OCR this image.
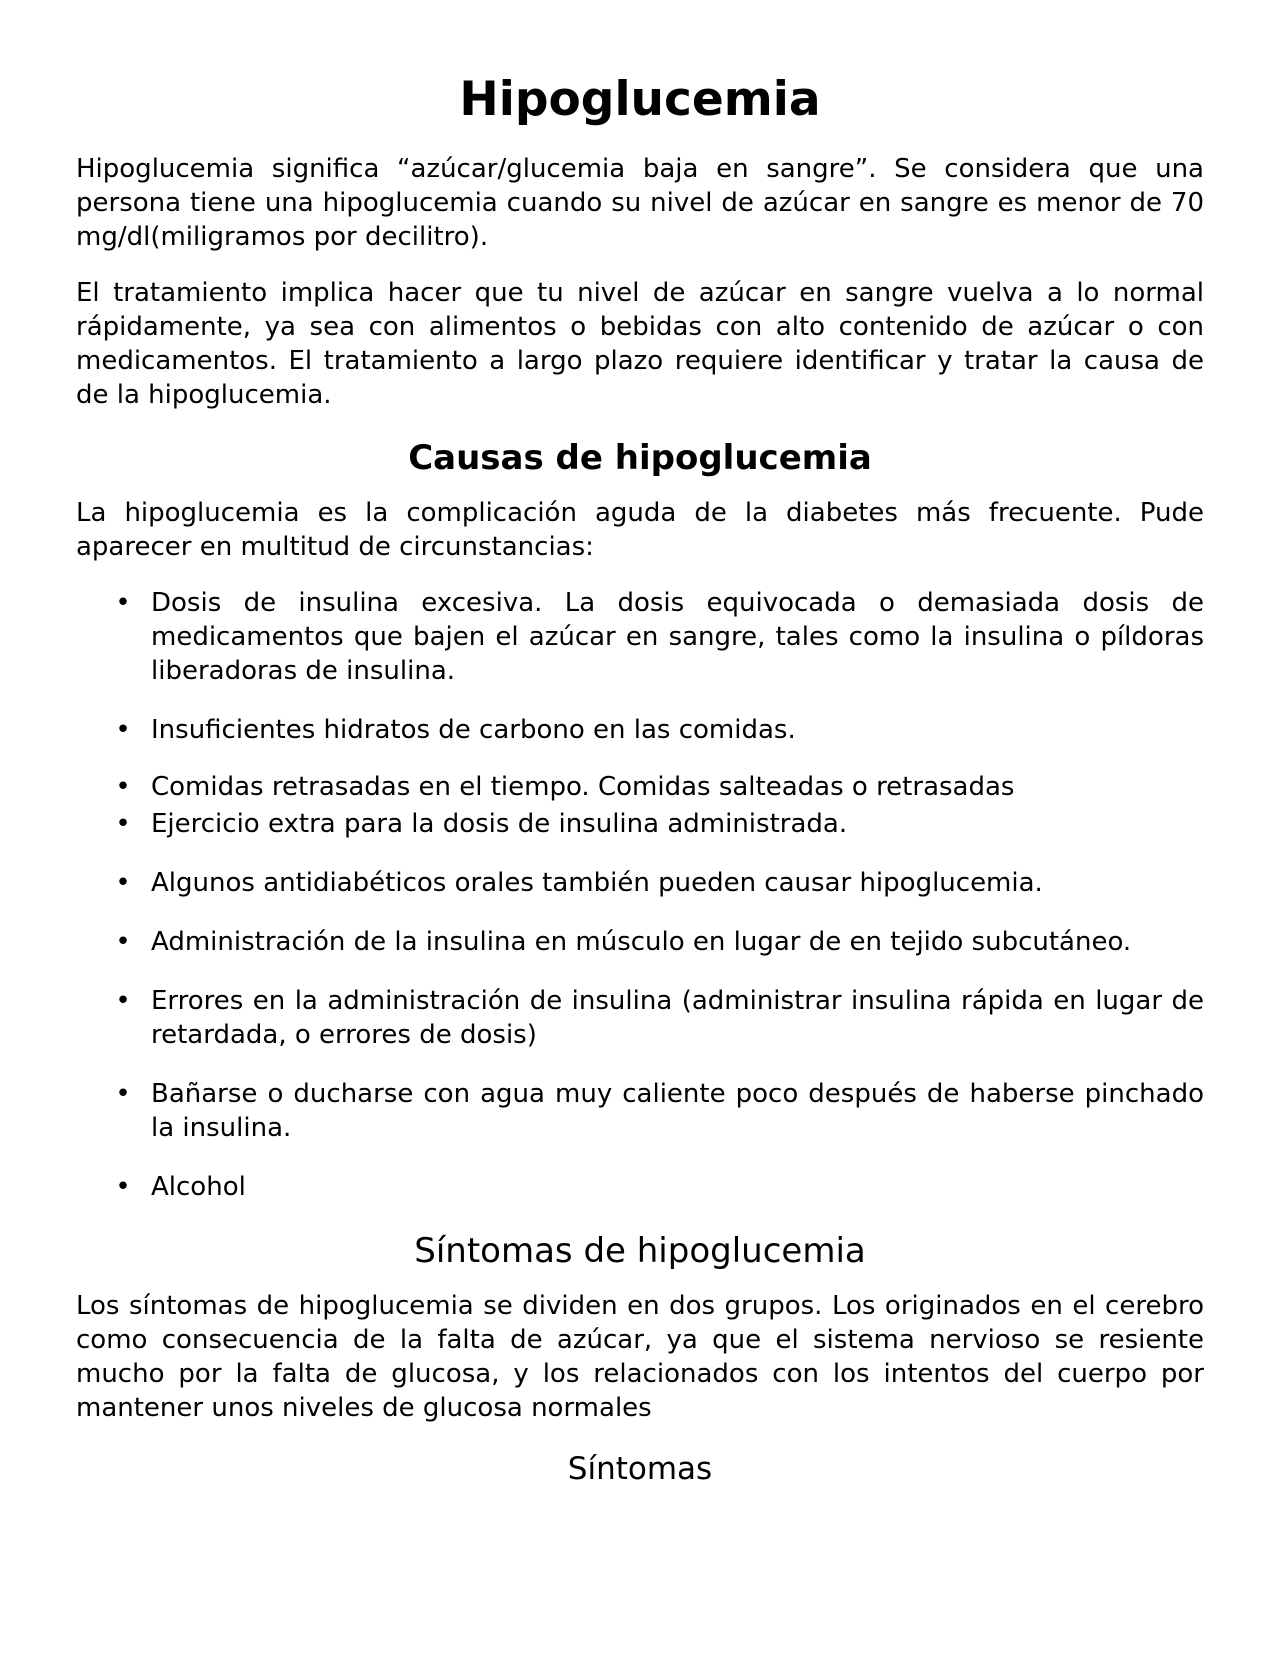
Hipoglucemia

Hipoglucemia significa “azúcar/glucemia baja en sangre”. Se considera que una persona tiene una hipoglucemia cuando su nivel de azúcar en sangre es menor de 70 mg/dl(miligramos por decilitro).

El tratamiento implica hacer que tu nivel de azúcar en sangre vuelva a lo normal rápidamente, ya sea con alimentos o bebidas con alto contenido de azúcar o con medicamentos. El tratamiento a largo plazo requiere identificar y tratar la causa de de la hipoglucemia.

Causas de hipoglucemia

La hipoglucemia es la complicación aguda de la diabetes más frecuente. Pude aparecer en multitud de circunstancias:

• Dosis de insulina excesiva. La dosis equivocada o demasiada dosis de medicamentos que bajen el azúcar en sangre, tales como la insulina o píldoras liberadoras de insulina.
• Insuficientes hidratos de carbono en las comidas.
• Comidas retrasadas en el tiempo. Comidas salteadas o retrasadas
• Ejercicio extra para la dosis de insulina administrada.
• Algunos antidiabéticos orales también pueden causar hipoglucemia.
• Administración de la insulina en músculo en lugar de en tejido subcutáneo.
• Errores en la administración de insulina (administrar insulina rápida en lugar de retardada, o errores de dosis)
• Bañarse o ducharse con agua muy caliente poco después de haberse pinchado la insulina.
• Alcohol
Síntomas de hipoglucemia

Los síntomas de hipoglucemia se dividen en dos grupos. Los originados en el cerebro como consecuencia de la falta de azúcar, ya que el sistema nervioso se resiente mucho por la falta de glucosa, y los relacionados con los intentos del cuerpo por mantener unos niveles de glucosa normales

Síntomas
